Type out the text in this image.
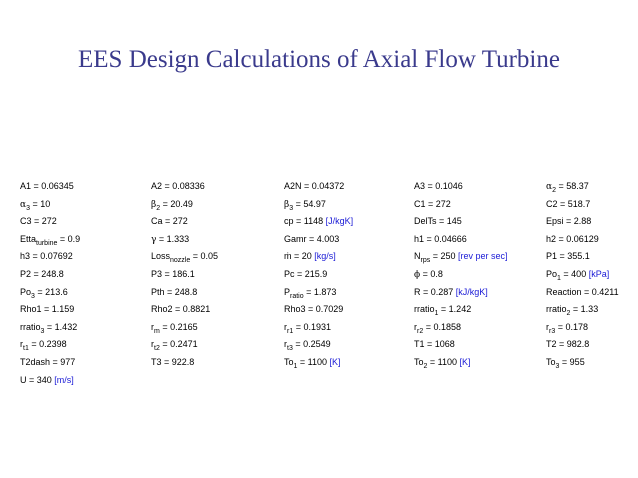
EES Design Calculations of Axial Flow Turbine
A1 = 0.06345	A2 = 0.08336	A2N = 0.04372	A3 = 0.1046	$\alpha_2 = 58.37$
$\alpha_3 = 10$	$\beta_2 = 20.49$	$\beta_3 = 54.97$	C1 = 272	C2 = 518.7
C3 = 272	Ca = 272	cp = 1148 [J/kgK]	DelTs = 145	Epsi = 2.88
Etta$_{turbine}$ = 0.9	γ = 1.333	Gamr = 4.003	h1 = 0.04666	h2 = 0.06129
h3 = 0.07692	Loss$_{nozzle}$ = 0.05	ṁ = 20 [kg/s]	$N_{rps} = 250$ [rev per sec]	P1 = 355.1
P2 = 248.8	P3 = 186.1	Pc = 215.9	ϕ = 0.8	$Po_1 = 400$ [kPa]
$Po_3 = 213.6$	Pth = 248.8	$P_{ratio} = 1.873$	R = 0.287 [kJ/kgK]	Reaction = 0.4211
Rho1 = 1.159	Rho2 = 0.8821	Rho3 = 0.7029	rratio$_1$ = 1.242	rratio$_2$ = 1.33
rratio$_3$ = 1.432	$r_m = 0.2165$	$r_{r1} = 0.1931$	$r_{r2} = 0.1858$	$r_{r3} = 0.178$
$r_{t1} = 0.2398$	$r_{t2} = 0.2471$	$r_{t3} = 0.2549$	T1 = 1068	T2 = 982.8
T2dash = 977	T3 = 922.8	$To_1 = 1100$ [K]	$To_2 = 1100$ [K]	$To_3 = 955$
U = 340 [m/s]
